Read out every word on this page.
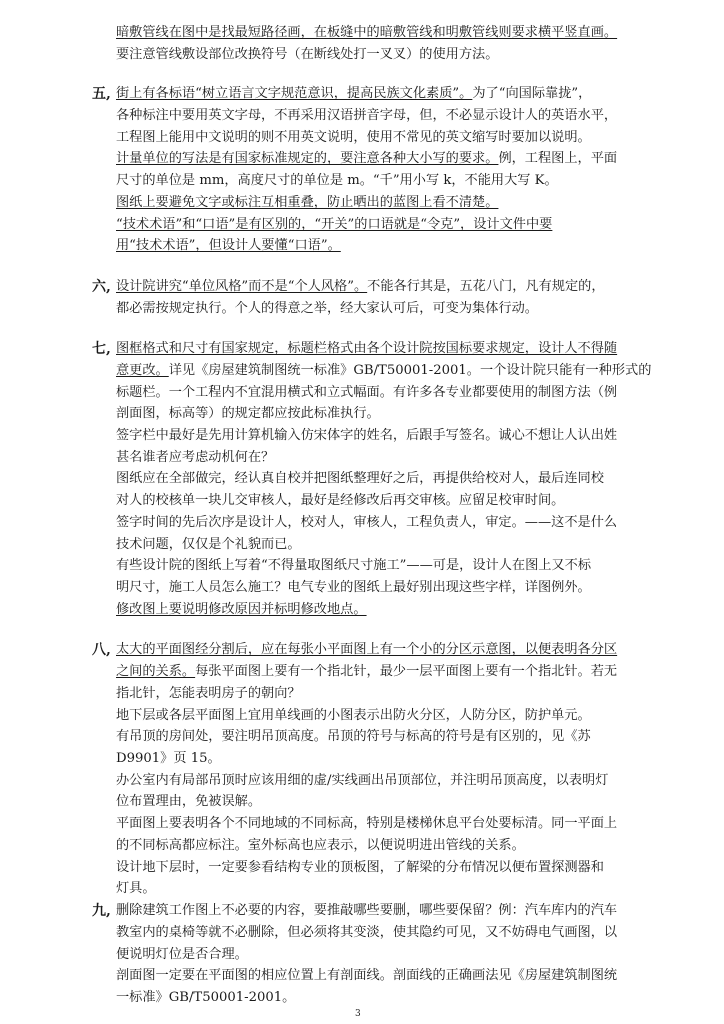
暗敷管线在图中是找最短路径画，在板缝中的暗敷管线和明敷管线则要求横平竖直画。
要注意管线敷设部位改换符号（在断线处打一叉叉）的使用方法。
五, 街上有各标语“树立语言文字规范意识，提高民族文化素质”。为了“向国际靠拢”，
各种标注中要用英文字母，不再采用汉语拼音字母，但，不必显示设计人的英语水平，
工程图上能用中文说明的则不用英文说明，使用不常见的英文缩写时要加以说明。
计量单位的写法是有国家标准规定的，要注意各种大小写的要求。例，工程图上，平面
尺寸的单位是 mm，高度尺寸的单位是 m。“千”用小写 k，不能用大写 K。
图纸上要避免文字或标注互相重叠，防止晒出的蓝图上看不清楚。
“技术术语”和“口语”是有区别的，“开关”的口语就是“令克”，设计文件中要
用“技术术语”，但设计人要懂“口语”。
六, 设计院讲究“单位风格”而不是“个人风格”。不能各行其是，五花八门，凡有规定的，
都必需按规定执行。个人的得意之举，经大家认可后，可变为集体行动。
七, 图框格式和尺寸有国家规定，标题栏格式由各个设计院按国标要求规定，设计人不得随
意更改。详见《房屋建筑制图统一标准》GB/T50001-2001。一个设计院只能有一种形式的
标题栏。一个工程内不宜混用横式和立式幅面。有许多各专业都要使用的制图方法（例
剖面图，标高等）的规定都应按此标准执行。
签字栏中最好是先用计算机输入仿宋体字的姓名，后跟手写签名。诚心不想让人认出姓
甚名谁者应考虑动机何在？
图纸应在全部做完，经认真自校并把图纸整理好之后，再提供给校对人，最后连同校
对人的校核单一块儿交审核人，最好是经修改后再交审核。应留足校审时间。
签字时间的先后次序是设计人，校对人，审核人，工程负责人，审定。——这不是什么
技术问题，仅仅是个礼貌而已。
有些设计院的图纸上写着“不得量取图纸尺寸施工”——可是，设计人在图上又不标
明尺寸，施工人员怎么施工？电气专业的图纸上最好别出现这些字样，详图例外。
修改图上要说明修改原因并标明修改地点。
八, 太大的平面图经分割后，应在每张小平面图上有一个小的分区示意图，以便表明各分区
之间的关系。每张平面图上要有一个指北针，最少一层平面图上要有一个指北针。若无
指北针，怎能表明房子的朝向？
地下层或各层平面图上宜用单线画的小图表示出防火分区，人防分区，防护单元。
有吊顶的房间处，要注明吊顶高度。吊顶的符号与标高的符号是有区别的，见《苏
D9901》页 15。
办公室内有局部吊顶时应该用细的虚/实线画出吊顶部位，并注明吊顶高度，以表明灯
位布置理由，免被误解。
平面图上要表明各个不同地域的不同标高，特别是楼梯休息平台处要标清。同一平面上
的不同标高都应标注。室外标高也应表示，以便说明进出管线的关系。
设计地下层时，一定要参看结构专业的顶板图，了解梁的分布情况以便布置探测器和
灯具。
九, 删除建筑工作图上不必要的内容，要推敲哪些要删，哪些要保留？例：汽车库内的汽车
教室内的桌椅等就不必删除，但必须将其变淡，使其隐约可见，又不妨碍电气画图，以
便说明灯位是否合理。
剖面图一定要在平面图的相应位置上有剖面线。剖面线的正确画法见《房屋建筑制图统
一标准》GB/T50001-2001。
3
